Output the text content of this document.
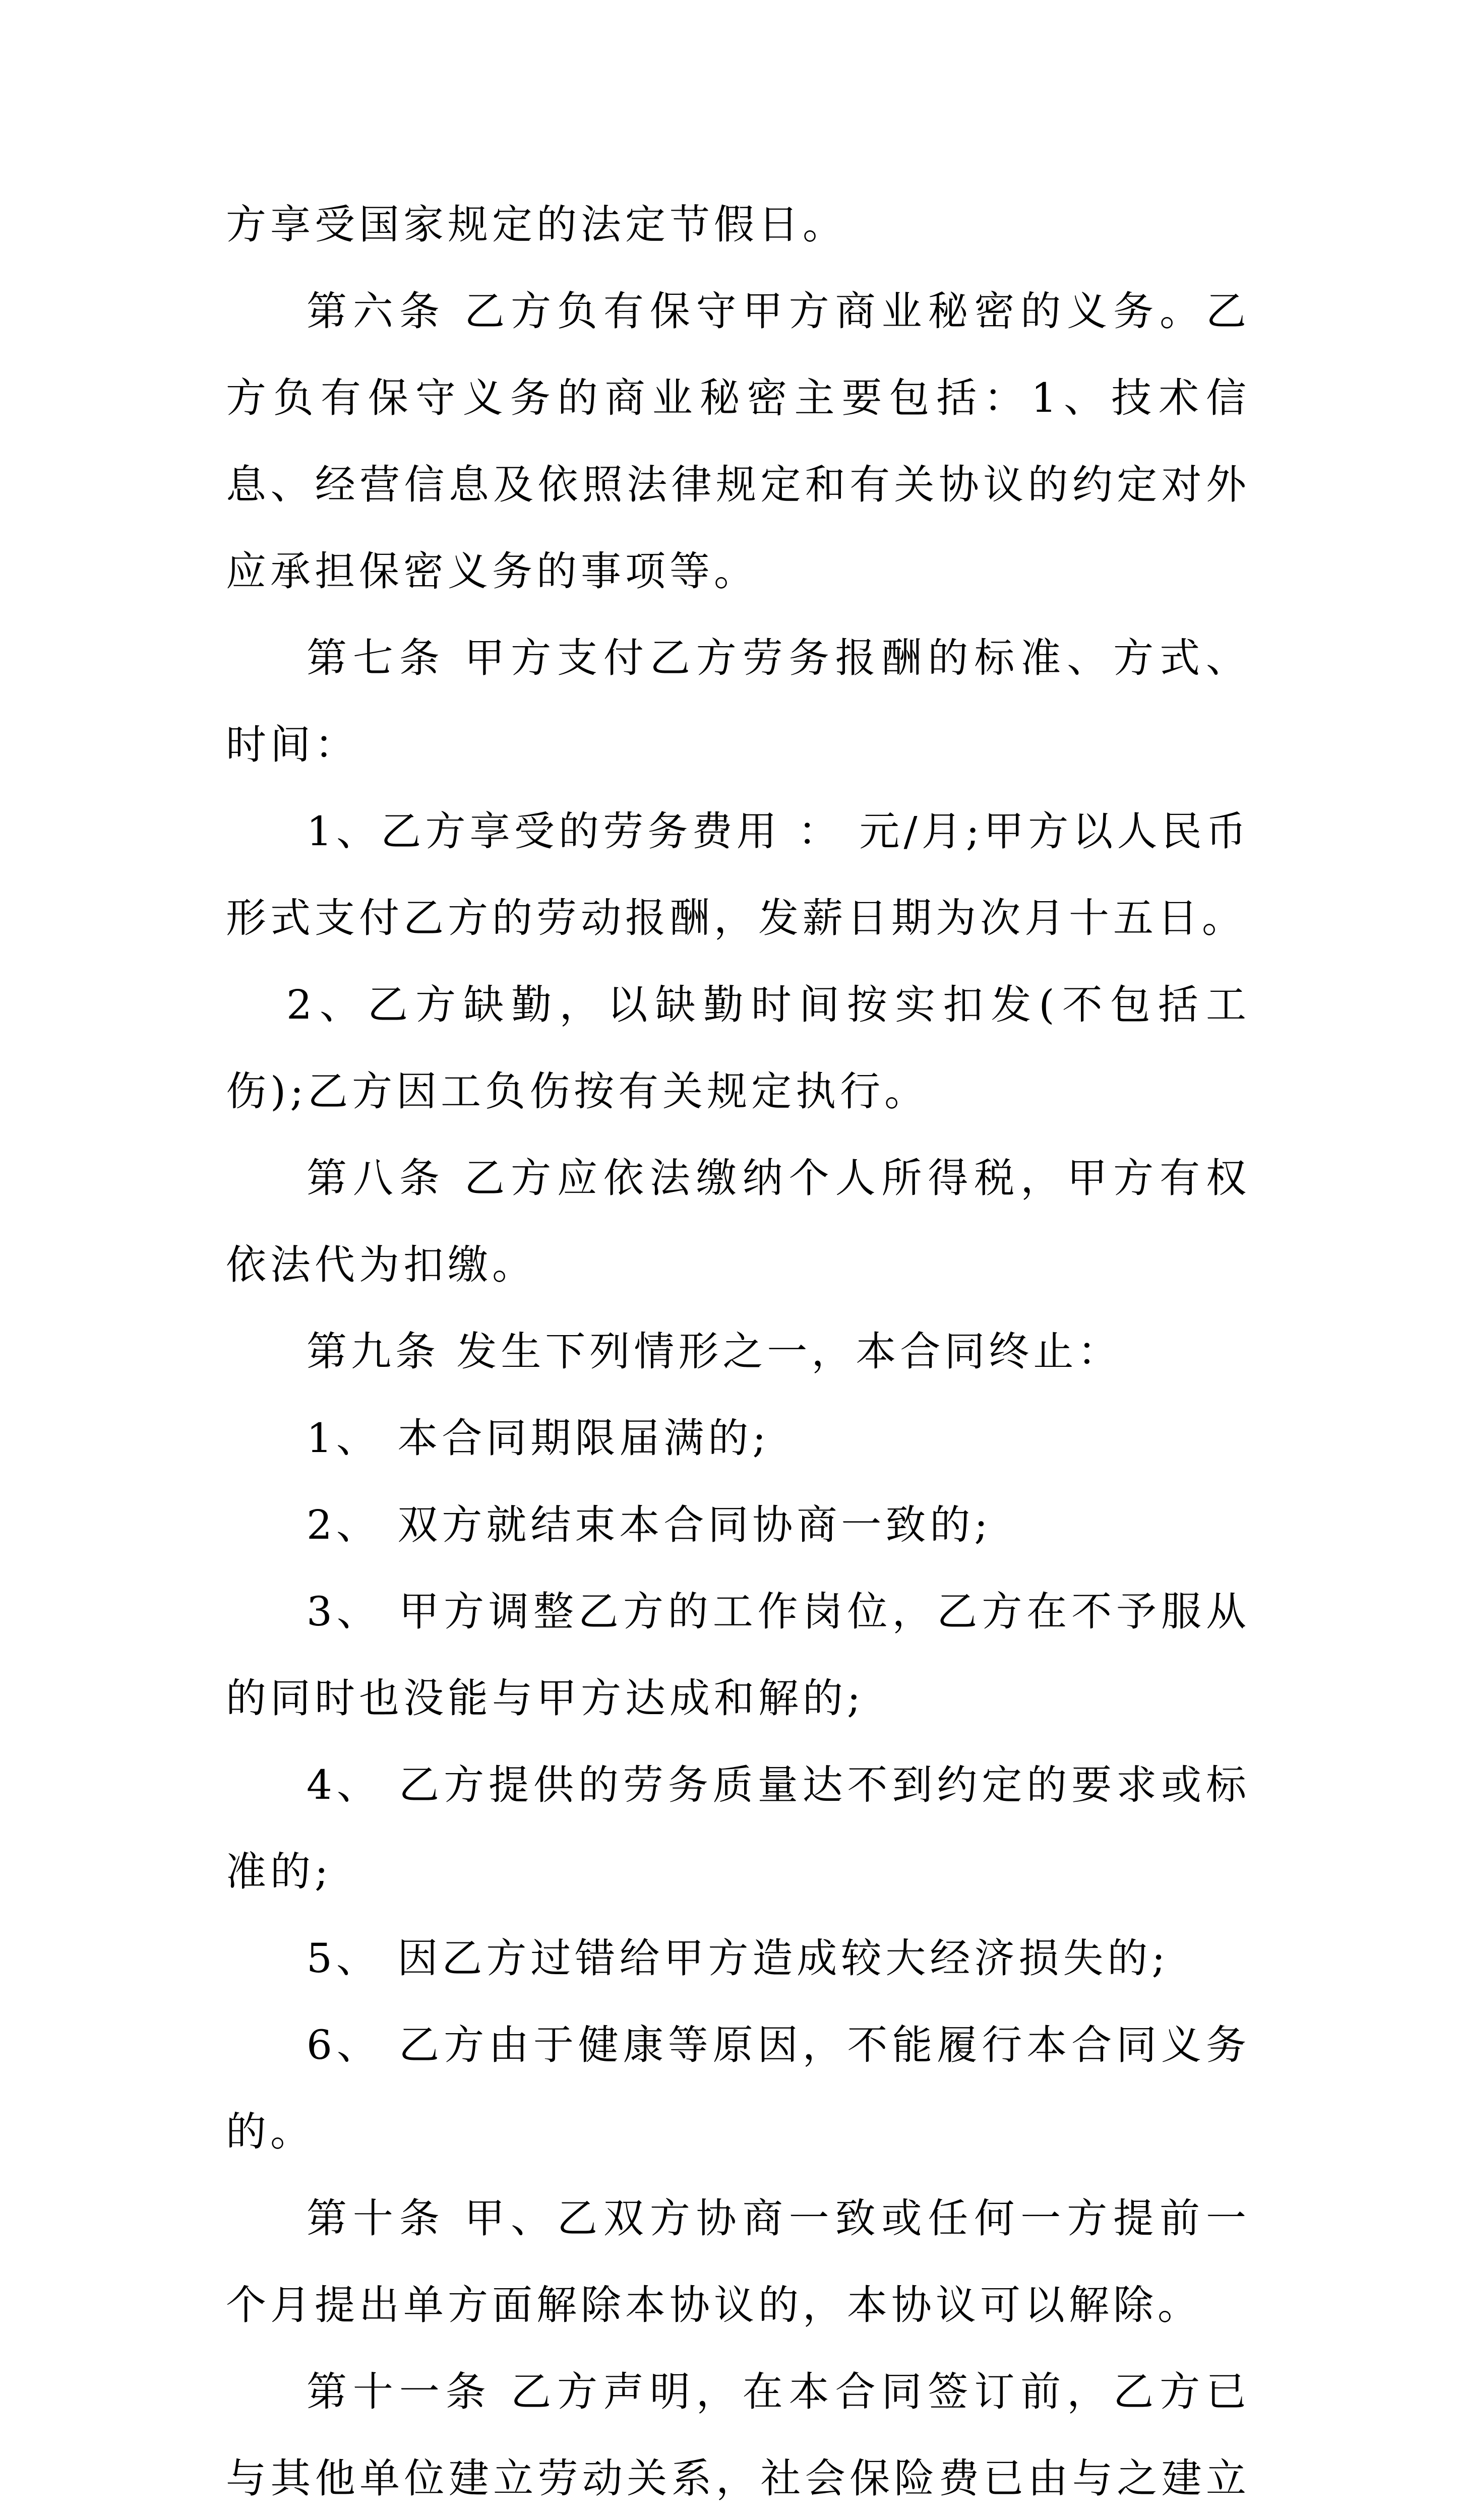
方享受国家规定的法定节假日。

第六条 乙方负有保守甲方商业秘密的义务。乙方负有保守义务的商业秘密主要包括：1、技术信息、经营信息及依照法律规定和有关协议的约定对外应承担保密义务的事项等。

第七条 甲方支付乙方劳务报酬的标准、方式、时间：

1、乙方享受的劳务费用 ： 元/月;甲方以人民币形式支付乙方的劳动报酬，发薪日期为次月十五日。

2、乙方缺勤，以缺勤时间按实扣发(不包括工伤);乙方因工负伤按有关规定执行。

第八条 乙方应依法缴纳个人所得税，甲方有权依法代为扣缴。

第九条 发生下列情形之一，本合同终止：

1、 本合同期限届满的;

2、 双方就结束本合同协商一致的;

3、 甲方调整乙方的工作岗位，乙方在不予服从的同时也没能与甲方达成和解的;

4、 乙方提供的劳务质量达不到约定的要求或标准的;

5、 因乙方过错给甲方造成较大经济损失的;

6、 乙方由于健康等原因，不能履行本合同义务的。

第十条 甲、乙双方协商一致或任何一方提前一个月提出单方面解除本协议的，本协议可以解除。

第十一条 乙方声明，在本合同签订前，乙方已与其他单位建立劳动关系，社会保险费已由与之建立
